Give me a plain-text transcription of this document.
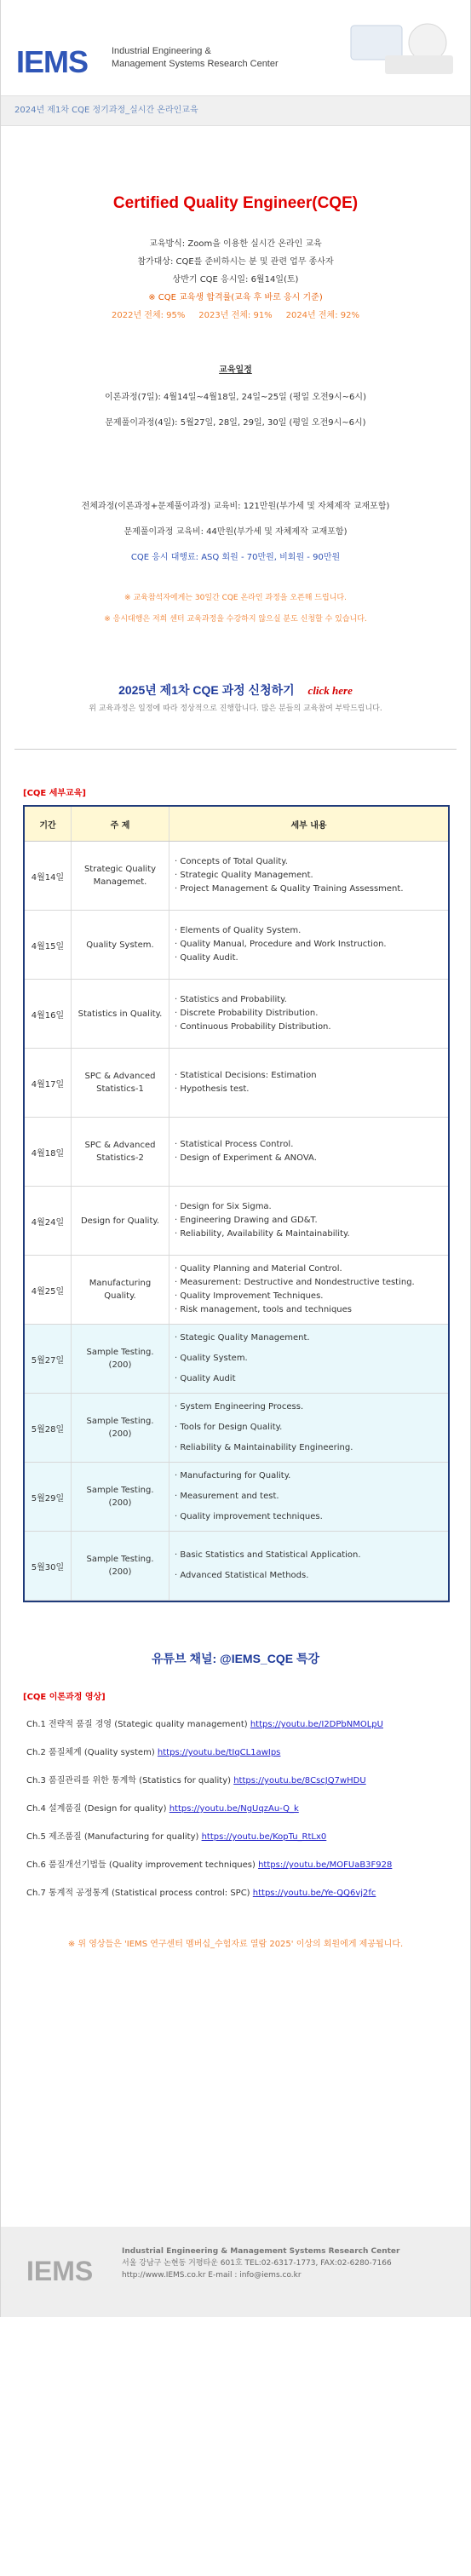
IEMS	Industrial Engineering &
Management Systems Research Center
2024년 제1차 CQE 정기과정_실시간 온라인교육
Certified Quality Engineer(CQE)
교육방식: Zoom을 이용한 실시간 온라인 교육
참가대상: CQE를 준비하시는 분 및 관련 업무 종사자
상반기 CQE 응시일: 6월14일(토)
※ CQE 교육생 합격률(교육 후 바로 응시 기준)
2022년 전체: 95% 2023년 전체: 91% 2024년 전체: 92%
교육일정
이론과정(7일): 4월14일~4월18일, 24일~25일 (평일 오전9시~6시)
문제풀이과정(4일): 5월27일, 28일, 29일, 30일 (평일 오전9시~6시)
전체과정(이론과정+문제풀이과정) 교육비: 121만원(부가세 및 자체제작 교재포함)
문제풀이과정 교육비: 44만원(부가세 및 자체제작 교재포함)
CQE 응시 대행료: ASQ 회원 - 70만원, 비회원 - 90만원
※ 교육참석자에게는 30일간 CQE 온라인 과정을 오픈해 드립니다.
※ 응시대행은 저희 센터 교육과정을 수강하지 않으실 분도 신청할 수 있습니다.
2025년 제1차 CQE 과정 신청하기 click here
위 교육과정은 일정에 따라 정상적으로 진행합니다. 많은 분들의 교육참여 부탁드립니다.
[CQE 세부교육]
기간	주 제	세부 내용
4월14일	Strategic Quality Managemet.	· Concepts of Total Quality.
· Strategic Quality Management.
· Project Management & Quality Training Assessment.

4월15일	Quality System.	· Elements of Quality System.
· Quality Manual, Procedure and Work Instruction.
· Quality Audit.

4월16일	Statistics in Quality.	· Statistics and Probability.
· Discrete Probability Distribution.
· Continuous Probability Distribution.

4월17일	SPC & Advanced Statistics-1	· Statistical Decisions: Estimation
· Hypothesis test.

4월18일	SPC & Advanced Statistics-2	· Statistical Process Control.
· Design of Experiment & ANOVA.

4월24일	Design for Quality.	· Design for Six Sigma.
· Engineering Drawing and GD&T.
· Reliability, Availability & Maintainability.

4월25일	Manufacturing Quality.	· Quality Planning and Material Control.
· Measurement: Destructive and Nondestructive testing.
· Quality Improvement Techniques.
· Risk management, tools and techniques

5월27일	Sample Testing. (200)	· Stategic Quality Management.
· Quality System.
· Quality Audit

5월28일	Sample Testing. (200)	· System Engineering Process.
· Tools for Design Quality.
· Reliability & Maintainability Engineering.

5월29일	Sample Testing. (200)	· Manufacturing for Quality.
· Measurement and test.
· Quality improvement techniques.

5월30일	Sample Testing. (200)	· Basic Statistics and Statistical Application.
· Advanced Statistical Methods.
유튜브 채널: @IEMS_CQE 특강
[CQE 이론과정 영상]
Ch.1 전략적 품질 경영 (Stategic quality management) https://youtu.be/I2DPbNMOLpU
Ch.2 품질체계 (Quality system) https://youtu.be/tIqCL1awIps
Ch.3 품질관리를 위한 통계학 (Statistics for quality) https://youtu.be/8CscJQ7wHDU
Ch.4 설계품질 (Design for quality) https://youtu.be/NgUqzAu-Q_k
Ch.5 제조품질 (Manufacturing for quality) https://youtu.be/KopTu_RtLx0
Ch.6 품질개선기법들 (Quality improvement techniques) https://youtu.be/MOFUaB3F928
Ch.7 통계적 공정통계 (Statistical process control: SPC) https://youtu.be/Ye-QQ6vj2fc
※ 위 영상들은 'IEMS 연구센터 멤버십_수험자료 열람 2025' 이상의 회원에게 제공됩니다.
IEMS
Industrial Engineering & Management Systems Research Center
서울 강남구 논현동 거평타운 601호 TEL:02-6317-1773, FAX:02-6280-7166
http://www.IEMS.co.kr E-mail : info@iems.co.kr
